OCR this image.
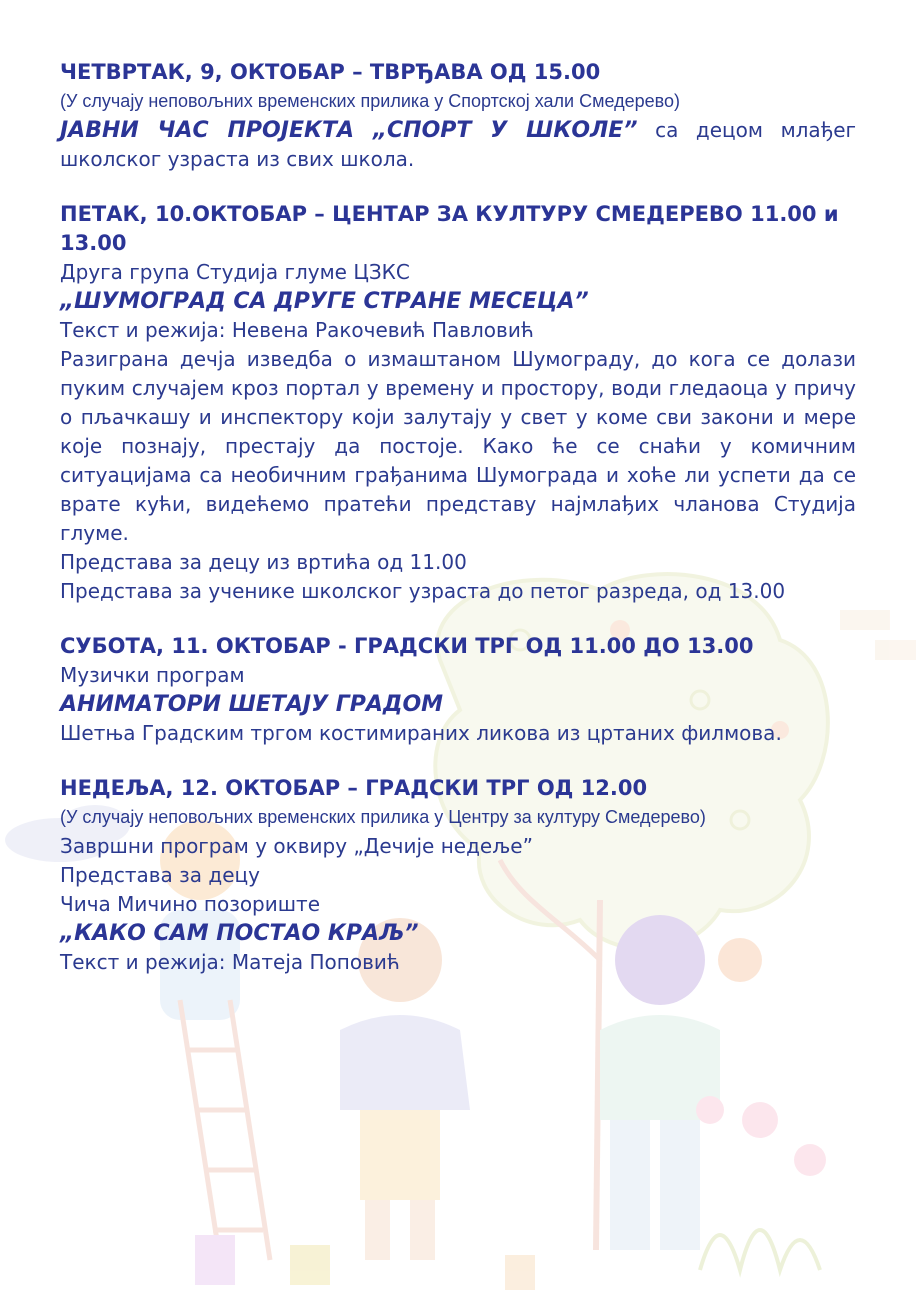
ЧЕТВРТАК, 9, ОКТОБАР – ТВРЂАВА ОД 15.00
(У случају неповољних временских прилика у Спортској хали Смедерево)
ЈАВНИ ЧАС ПРОЈЕКТА „СПОРТ У ШКОЛЕ” са децом млађег школског узраста из свих школа.
ПЕТАК, 10.ОКТОБАР – ЦЕНТАР ЗА КУЛТУРУ СМЕДЕРЕВО 11.00 и 13.00
Друга група Студија глуме ЦЗКС
„ШУМОГРАД СА ДРУГЕ СТРАНЕ МЕСЕЦА”
Текст и режија: Невена Ракочевић Павловић
Разиграна дечја изведба о измаштаном Шумограду, до кога се долази пуким случајем кроз портал у времену и простору, води гледаоца у причу о пљачкашу и инспектору који залутају у свет у коме сви закони и мере које познају, престају да постоје. Како ће се снаћи у комичним ситуацијама са необичним грађанима Шумограда и хоће ли успети да се врате кући, видећемо пратећи представу најмлађих чланова Студија глуме.
Представа за децу из вртића од 11.00
Представа за ученике школског узраста до петог разреда, од 13.00
СУБОТА, 11. ОКТОБАР - ГРАДСКИ ТРГ ОД 11.00 ДО 13.00
Музички програм
АНИМАТОРИ ШЕТАЈУ ГРАДОМ
Шетња Градским тргом костимираних ликова из цртаних филмова.
НЕДЕЉА, 12. ОКТОБАР – ГРАДСКИ ТРГ ОД 12.00
(У случају неповољних временских прилика у Центру за културу Смедерево)
Завршни програм у оквиру „Дечије недеље”
Представа за децу
Чича Мичино позориште
„КАКО САМ ПОСТАО КРАЉ”
Текст и режија: Матеја Поповић
